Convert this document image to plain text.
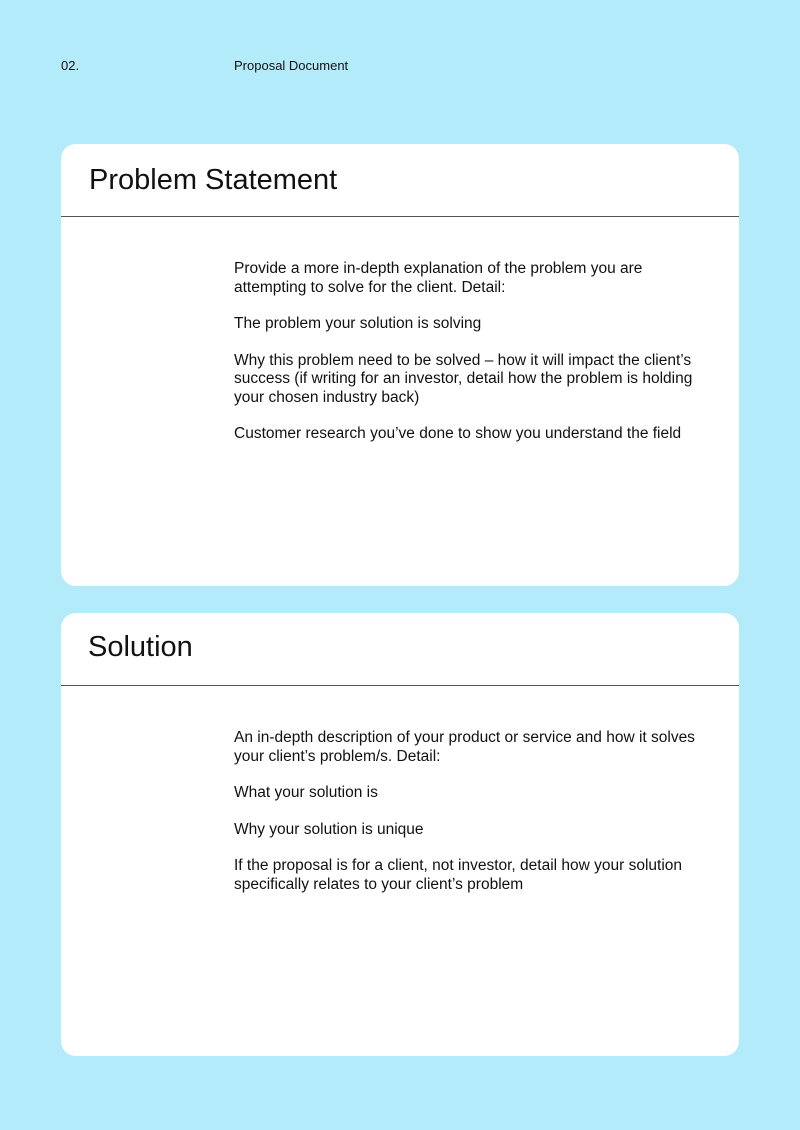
02.	Proposal Document
Problem Statement

Provide a more in-depth explanation of the problem you are attempting to solve for the client. Detail:

The problem your solution is solving

Why this problem need to be solved – how it will impact the client’s success (if writing for an investor, detail how the problem is holding your chosen industry back)

Customer research you’ve done to show you understand the field

Solution

An in-depth description of your product or service and how it solves your client’s problem/s. Detail:

What your solution is

Why your solution is unique

If the proposal is for a client, not investor, detail how your solution specifically relates to your client’s problem
